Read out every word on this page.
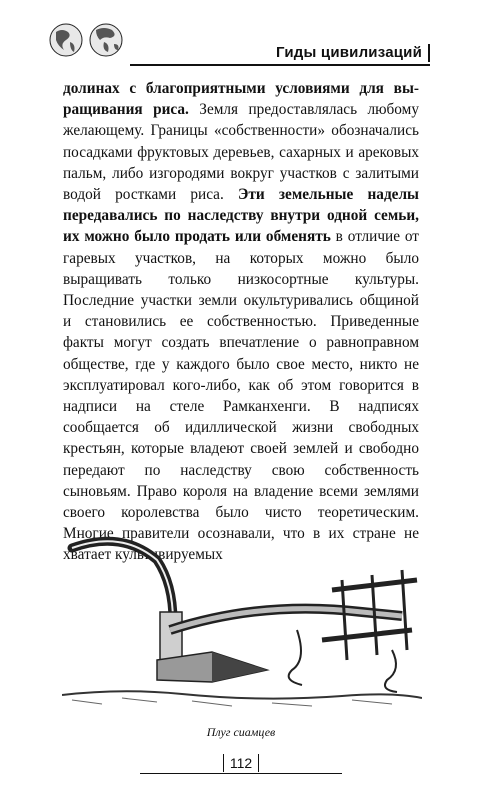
Гиды цивилизаций

долинах с благоприятными условиями для выращивания риса. Земля предоставлялась любому желающему. Границы «собственности» обозначались посадками фруктовых деревьев, сахарных и арековых пальм, либо изгородями вокруг участков с залитыми водой ростками риса. Эти земельные наделы передавались по наследству внутри одной семьи, их можно было продать или обменять в отличие от гаревых участков, на которых можно было выращивать только низкосортные культуры. Последние участки земли окультуривались общиной и становились ее собственностью. Приведенные факты могут создать впечатление о равноправном обществе, где у каждого было свое место, никто не эксплуатировал кого-либо, как об этом говорится в надписи на стеле Рамканхенги. В надписях сообщается об идиллической жизни свободных крестьян, которые владеют своей землей и свободно передают по наследству свою собственность сыновьям. Право короля на владение всеми землями своего королевства было чисто теоретическим. Многие правители осознавали, что в их стране не хватает культивируемых

Плуг сиамцев
112
